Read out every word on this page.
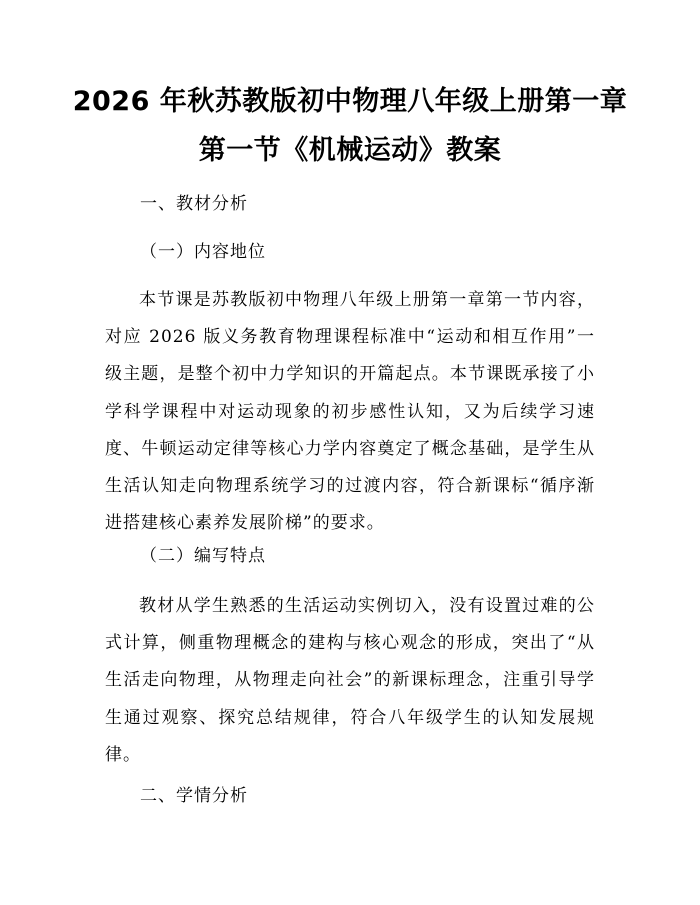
2026 年秋苏教版初中物理八年级上册第一章
第一节《机械运动》教案
一、教材分析
（一）内容地位
本节课是苏教版初中物理八年级上册第一章第一节内容，对应 2026 版义务教育物理课程标准中“运动和相互作用”一级主题，是整个初中力学知识的开篇起点。本节课既承接了小学科学课程中对运动现象的初步感性认知，又为后续学习速度、牛顿运动定律等核心力学内容奠定了概念基础，是学生从生活认知走向物理系统学习的过渡内容，符合新课标“循序渐进搭建核心素养发展阶梯”的要求。
（二）编写特点
教材从学生熟悉的生活运动实例切入，没有设置过难的公式计算，侧重物理概念的建构与核心观念的形成，突出了“从生活走向物理，从物理走向社会”的新课标理念，注重引导学生通过观察、探究总结规律，符合八年级学生的认知发展规律。
二、学情分析
